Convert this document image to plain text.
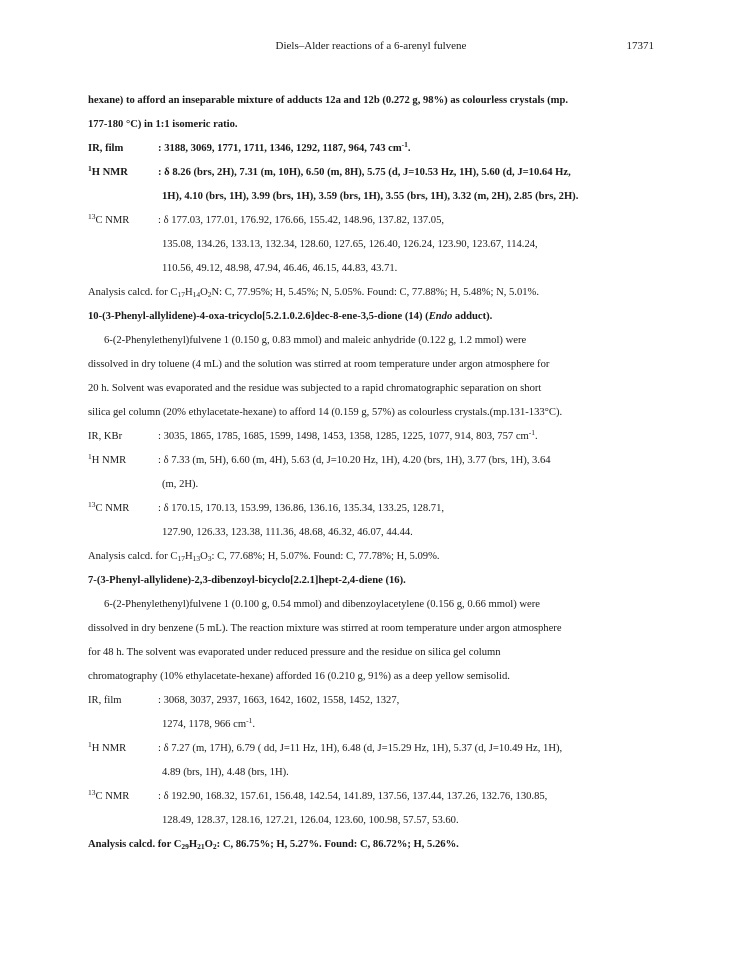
Diels–Alder reactions of a 6-arenyl fulvene	17371

hexane) to afford an inseparable mixture of adducts 12a and 12b (0.272 g, 98%) as colourless crystals (mp.

177-180 °C) in 1:1 isomeric ratio.

IR, film	: 3188, 3069, 1771, 1711, 1346, 1292, 1187, 964, 743 $cm^{-1}$.
$^1$H NMR	: δ 8.26 (brs, 2H), 7.31 (m, 10H), 6.50 (m, 8H), 5.75 (d, J=10.53 Hz, 1H), 5.60 (d, J=10.64 Hz,
1H), 4.10 (brs, 1H), 3.99 (brs, 1H), 3.59 (brs, 1H), 3.55 (brs, 1H), 3.32 (m, 2H), 2.85 (brs, 2H).
$^{13}$C NMR	: δ 177.03, 177.01, 176.92, 176.66, 155.42, 148.96, 137.82, 137.05,
135.08, 134.26, 133.13, 132.34, 128.60, 127.65, 126.40, 126.24, 123.90, 123.67, 114.24,
110.56, 49.12, 48.98, 47.94, 46.46, 46.15, 44.83, 43.71.

Analysis calcd. for $C_{17}H_{14}O_2N$: C, 77.95%; H, 5.45%; N, 5.05%. Found: C, 77.88%; H, 5.48%; N, 5.01%.

10-(3-Phenyl-allylidene)-4-oxa-tricyclo[5.2.1.0.2.6]dec-8-ene-3,5-dione (14) (Endo adduct).

6-(2-Phenylethenyl)fulvene 1 (0.150 g, 0.83 mmol) and maleic anhydride (0.122 g, 1.2 mmol) were

dissolved in dry toluene (4 mL) and the solution was stirred at room temperature under argon atmosphere for

20 h. Solvent was evaporated and the residue was subjected to a rapid chromatographic separation on short

silica gel column (20% ethylacetate-hexane) to afford 14 (0.159 g, 57%) as colourless crystals.(mp.131-133°C).

IR, KBr	: 3035, 1865, 1785, 1685, 1599, 1498, 1453, 1358, 1285, 1225, 1077, 914, 803, 757 $cm^{-1}$.
$^1$H NMR	: δ 7.33 (m, 5H), 6.60 (m, 4H), 5.63 (d, J=10.20 Hz, 1H), 4.20 (brs, 1H), 3.77 (brs, 1H), 3.64
(m, 2H).
$^{13}$C NMR	: δ 170.15, 170.13, 153.99, 136.86, 136.16, 135.34, 133.25, 128.71,
127.90, 126.33, 123.38, 111.36, 48.68, 46.32, 46.07, 44.44.

Analysis calcd. for $C_{17}H_{13}O_3$: C, 77.68%; H, 5.07%. Found: C, 77.78%; H, 5.09%.

7-(3-Phenyl-allylidene)-2,3-dibenzoyl-bicyclo[2.2.1]hept-2,4-diene (16).

6-(2-Phenylethenyl)fulvene 1 (0.100 g, 0.54 mmol) and dibenzoylacetylene (0.156 g, 0.66 mmol) were

dissolved in dry benzene (5 mL). The reaction mixture was stirred at room temperature under argon atmosphere

for 48 h. The solvent was evaporated under reduced pressure and the residue on silica gel column

chromatography (10% ethylacetate-hexane) afforded 16 (0.210 g, 91%) as a deep yellow semisolid.

IR, film	: 3068, 3037, 2937, 1663, 1642, 1602, 1558, 1452, 1327,
1274, 1178, 966 $cm^{-1}$.
$^1$H NMR	: δ 7.27 (m, 17H), 6.79 ( dd, J=11 Hz, 1H), 6.48 (d, J=15.29 Hz, 1H), 5.37 (d, J=10.49 Hz, 1H),
4.89 (brs, 1H), 4.48 (brs, 1H).
$^{13}$C NMR	: δ 192.90, 168.32, 157.61, 156.48, 142.54, 141.89, 137.56, 137.44, 137.26, 132.76, 130.85,
128.49, 128.37, 128.16, 127.21, 126.04, 123.60, 100.98, 57.57, 53.60.

Analysis calcd. for $C_{29}H_{21}O_2$: C, 86.75%; H, 5.27%. Found: C, 86.72%; H, 5.26%.
